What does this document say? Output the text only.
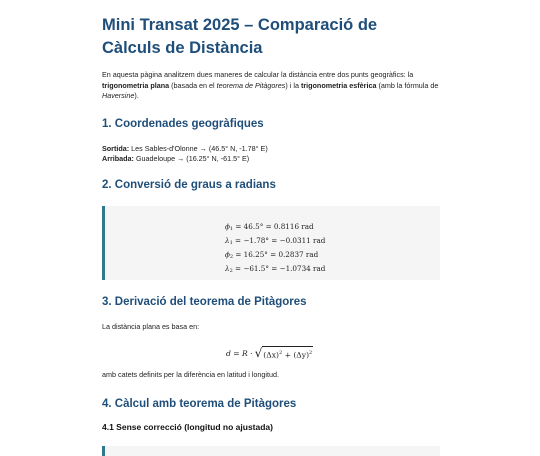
Mini Transat 2025 – Comparació de Càlculs de Distància

En aquesta pàgina analitzem dues maneres de calcular la distància entre dos punts geogràfics: la trigonometria plana (basada en el teorema de Pitàgores) i la trigonometria esfèrica (amb la fórmula de Haversine).

1. Coordenades geogràfiques

Sortida: Les Sables-d'Olonne → (46.5° N, -1.78° E)

Arribada: Guadeloupe → (16.25° N, -61.5° E)

2. Conversió de graus a radians
$\phi_1 = 46.5^\circ = 0.8116$ rad
$\lambda_1 = -1.78^\circ = -0.0311$ rad
$\phi_2 = 16.25^\circ = 0.2837$ rad
$\lambda_2 = -61.5^\circ = -1.0734$ rad
3. Derivació del teorema de Pitàgores

La distància plana es basa en:

d = R · √ $(\Delta x)^2 + (\Delta y)^2$

amb catets definits per la diferència en latitud i longitud.

4. Càlcul amb teorema de Pitàgores
4.1 Sense correcció (longitud no ajustada)
